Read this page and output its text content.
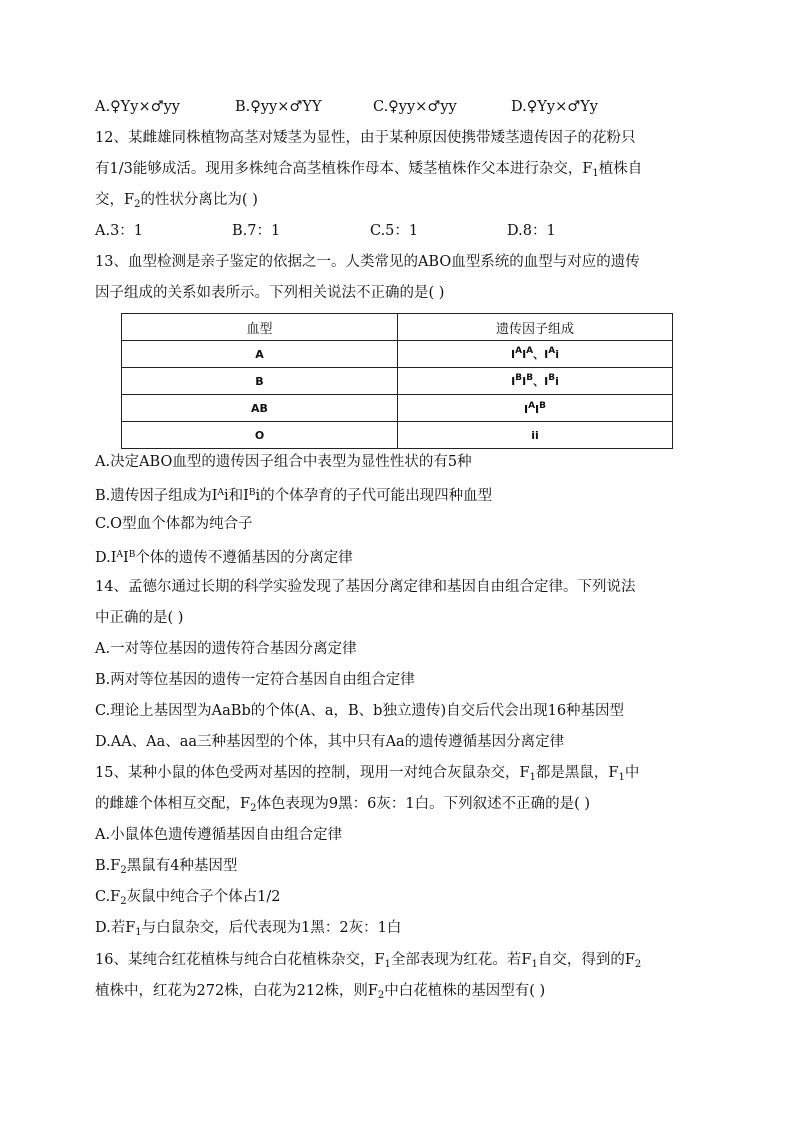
A.♀Yy×♂yy	B.♀yy×♂YY	C.♀yy×♂yy	D.♀Yy×♂Yy
12、某雌雄同株植物高茎对矮茎为显性，由于某种原因使携带矮茎遗传因子的花粉只
有1/3能够成活。现用多株纯合高茎植株作母本、矮茎植株作父本进行杂交，$F_1$植株自
交，$F_2$的性状分离比为( )
A.3：1	B.7：1	C.5：1	D.8：1
13、血型检测是亲子鉴定的依据之一。人类常见的ABO血型系统的血型与对应的遗传
因子组成的关系如表所示。下列相关说法不正确的是( )
血型	遗传因子组成
A	$I^AI^A$、$I^Ai$
B	$I^BI^B$、$I^Bi$
AB	$I^AI^B$
O	ii
A.决定ABO血型的遗传因子组合中表型为显性性状的有5种
B.遗传因子组成为$I^Ai$和$I^Bi$的个体孕育的子代可能出现四种血型
C.O型血个体都为纯合子
$D.I^AI^B$个体的遗传不遵循基因的分离定律
14、孟德尔通过长期的科学实验发现了基因分离定律和基因自由组合定律。下列说法
中正确的是( )
A.一对等位基因的遗传符合基因分离定律
B.两对等位基因的遗传一定符合基因自由组合定律
C.理论上基因型为AaBb的个体(A、a，B、b独立遗传)自交后代会出现16种基因型
D.AA、Aa、aa三种基因型的个体，其中只有Aa的遗传遵循基因分离定律
15、某种小鼠的体色受两对基因的控制，现用一对纯合灰鼠杂交，$F_1$都是黑鼠，$F_1$中
的雌雄个体相互交配，$F_2$体色表现为9黑：6灰：1白。下列叙述不正确的是( )
A.小鼠体色遗传遵循基因自由组合定律
$B.F_2$黑鼠有4种基因型
$C.F_2$灰鼠中纯合子个体占1/2
D.若$F_1$与白鼠杂交，后代表现为1黑：2灰：1白
16、某纯合红花植株与纯合白花植株杂交，$F_1$全部表现为红花。若$F_1$自交，得到的$F_2$
植株中，红花为272株，白花为212株，则$F_2$中白花植株的基因型有( )
